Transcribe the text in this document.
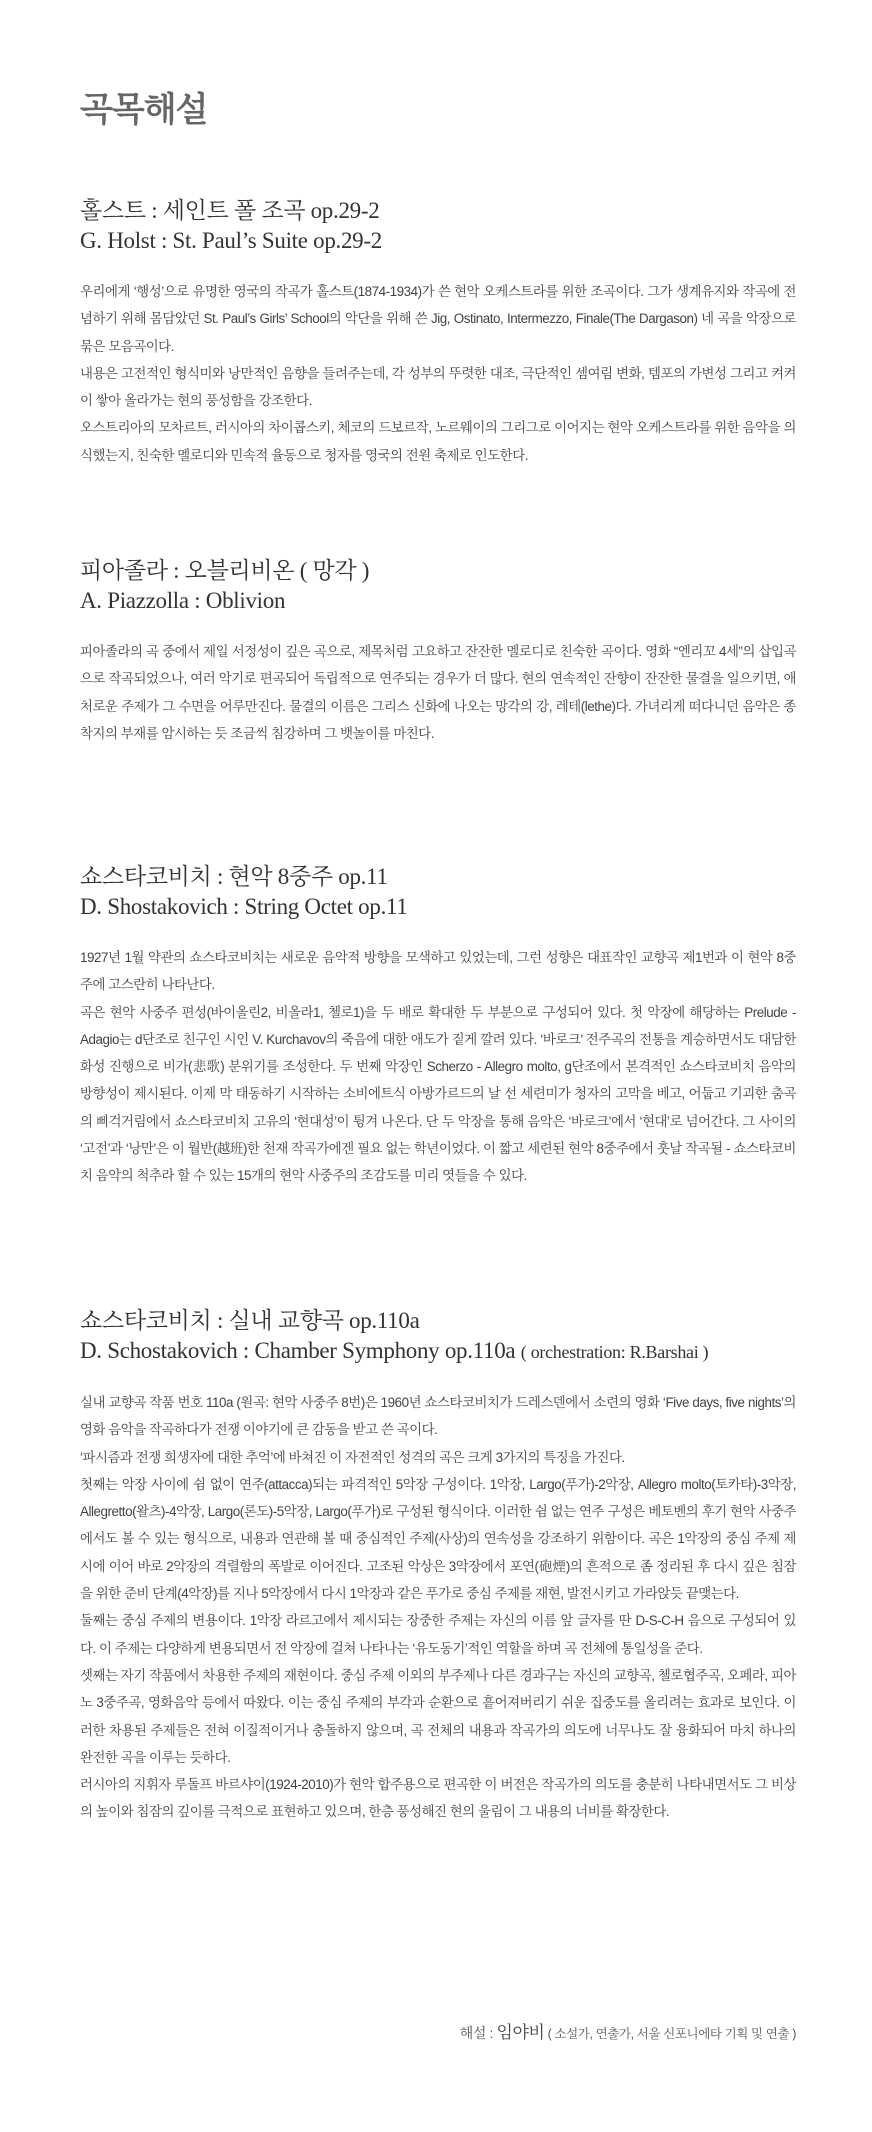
곡목해설
홀스트 : 세인트 폴 조곡 op.29-2
G. Holst : St. Paul’s Suite op.29-2

우리에게 ‘행성’으로 유명한 영국의 작곡가 홀스트(1874-1934)가 쓴 현악 오케스트라를 위한 조곡이다. 그가 생계유지와 작곡에 전념하기 위해 몸담았던 St. Paul’s Girls’ School의 악단을 위해 쓴 Jig, Ostinato, Intermezzo, Finale(The Dargason) 네 곡을 악장으로 묶은 모음곡이다.

내용은 고전적인 형식미와 낭만적인 음향을 들려주는데, 각 성부의 뚜렷한 대조, 극단적인 셈여림 변화, 템포의 가변성 그리고 켜켜이 쌓아 올라가는 현의 풍성함을 강조한다.

오스트리아의 모차르트, 러시아의 차이콥스키, 체코의 드보르작, 노르웨이의 그리그로 이어지는 현악 오케스트라를 위한 음악을 의식했는지, 친숙한 멜로디와 민속적 율동으로 청자를 영국의 전원 축제로 인도한다.

피아졸라 : 오블리비온 ( 망각 )
A. Piazzolla : Oblivion

피아졸라의 곡 중에서 제일 서정성이 깊은 곡으로, 제목처럼 고요하고 잔잔한 멜로디로 친숙한 곡이다. 영화 “엔리꼬 4세”의 삽입곡으로 작곡되었으나, 여러 악기로 편곡되어 독립적으로 연주되는 경우가 더 많다. 현의 연속적인 잔향이 잔잔한 물결을 일으키면, 애처로운 주제가 그 수면을 어루만진다. 물결의 이름은 그리스 신화에 나오는 망각의 강, 레테(lethe)다. 가녀리게 떠다니던 음악은 종착지의 부재를 암시하는 듯 조금씩 침강하며 그 뱃놀이를 마친다.

쇼스타코비치 : 현악 8중주 op.11
D. Shostakovich : String Octet op.11

1927년 1월 약관의 쇼스타코비치는 새로운 음악적 방향을 모색하고 있었는데, 그런 성향은 대표작인 교향곡 제1번과 이 현악 8중주에 고스란히 나타난다.

곡은 현악 사중주 편성(바이올린2, 비올라1, 첼로1)을 두 배로 확대한 두 부분으로 구성되어 있다. 첫 악장에 해당하는 Prelude - Adagio는 d단조로 친구인 시인 V. Kurchavov의 죽음에 대한 애도가 짙게 깔려 있다. ‘바로크’ 전주곡의 전통을 계승하면서도 대담한 화성 진행으로 비가(悲歌) 분위기를 조성한다. 두 번째 악장인 Scherzo - Allegro molto, g단조에서 본격적인 쇼스타코비치 음악의 방향성이 제시된다. 이제 막 태동하기 시작하는 소비에트식 아방가르드의 날 선 세련미가 청자의 고막을 베고, 어둡고 기괴한 춤곡의 삐걱거림에서 쇼스타코비치 고유의 ‘현대성’이 튕겨 나온다. 단 두 악장을 통해 음악은 ‘바로크’에서 ‘현대’로 넘어간다. 그 사이의 ‘고전’과 ‘낭만’은 이 월반(越班)한 천재 작곡가에겐 필요 없는 학년이었다. 이 짧고 세련된 현악 8중주에서 훗날 작곡될 - 쇼스타코비치 음악의 척추라 할 수 있는 15개의 현악 사중주의 조감도를 미리 엿들을 수 있다.

쇼스타코비치 : 실내 교향곡 op.110a
D. Schostakovich : Chamber Symphony op.110a ( orchestration: R.Barshai )

실내 교향곡 작품 번호 110a (원곡: 현악 사중주 8번)은 1960년 쇼스타코비치가 드레스덴에서 소련의 영화 ‘Five days, five nights’의 영화 음악을 작곡하다가 전쟁 이야기에 큰 감동을 받고 쓴 곡이다.

‘파시즘과 전쟁 희생자에 대한 추억’에 바쳐진 이 자전적인 성격의 곡은 크게 3가지의 특징을 가진다.

첫째는 악장 사이에 쉼 없이 연주(attacca)되는 파격적인 5악장 구성이다. 1악장, Largo(푸가)-2악장, Allegro molto(토카타)-3악장, Allegretto(왈츠)-4악장, Largo(론도)-5악장, Largo(푸가)로 구성된 형식이다. 이러한 쉼 없는 연주 구성은 베토벤의 후기 현악 사중주에서도 볼 수 있는 형식으로, 내용과 연관해 볼 때 중심적인 주제(사상)의 연속성을 강조하기 위함이다. 곡은 1악장의 중심 주제 제시에 이어 바로 2악장의 격렬함의 폭발로 이어진다. 고조된 악상은 3악장에서 포연(砲煙)의 흔적으로 좀 정리된 후 다시 깊은 침잠을 위한 준비 단계(4악장)를 지나 5악장에서 다시 1악장과 같은 푸가로 중심 주제를 재현, 발전시키고 가라앉듯 끝맺는다.

둘째는 중심 주제의 변용이다. 1악장 라르고에서 제시되는 장중한 주제는 자신의 이름 앞 글자를 딴 D-S-C-H 음으로 구성되어 있다. 이 주제는 다양하게 변용되면서 전 악장에 걸쳐 나타나는 ‘유도동기’적인 역할을 하며 곡 전체에 통일성을 준다.

셋째는 자기 작품에서 차용한 주제의 재현이다. 중심 주제 이외의 부주제나 다른 경과구는 자신의 교향곡, 첼로협주곡, 오페라, 피아노 3중주곡, 영화음악 등에서 따왔다. 이는 중심 주제의 부각과 순환으로 흩어져버리기 쉬운 집중도를 올리려는 효과로 보인다. 이러한 차용된 주제들은 전혀 이질적이거나 충돌하지 않으며, 곡 전체의 내용과 작곡가의 의도에 너무나도 잘 융화되어 마치 하나의 완전한 곡을 이루는 듯하다.

러시아의 지휘자 루돌프 바르샤이(1924-2010)가 현악 합주용으로 편곡한 이 버전은 작곡가의 의도를 충분히 나타내면서도 그 비상의 높이와 침잠의 깊이를 극적으로 표현하고 있으며, 한층 풍성해진 현의 울림이 그 내용의 너비를 확장한다.

해설 : 임야비 ( 소설가, 연출가, 서울 신포니에타 기획 및 연출 )
